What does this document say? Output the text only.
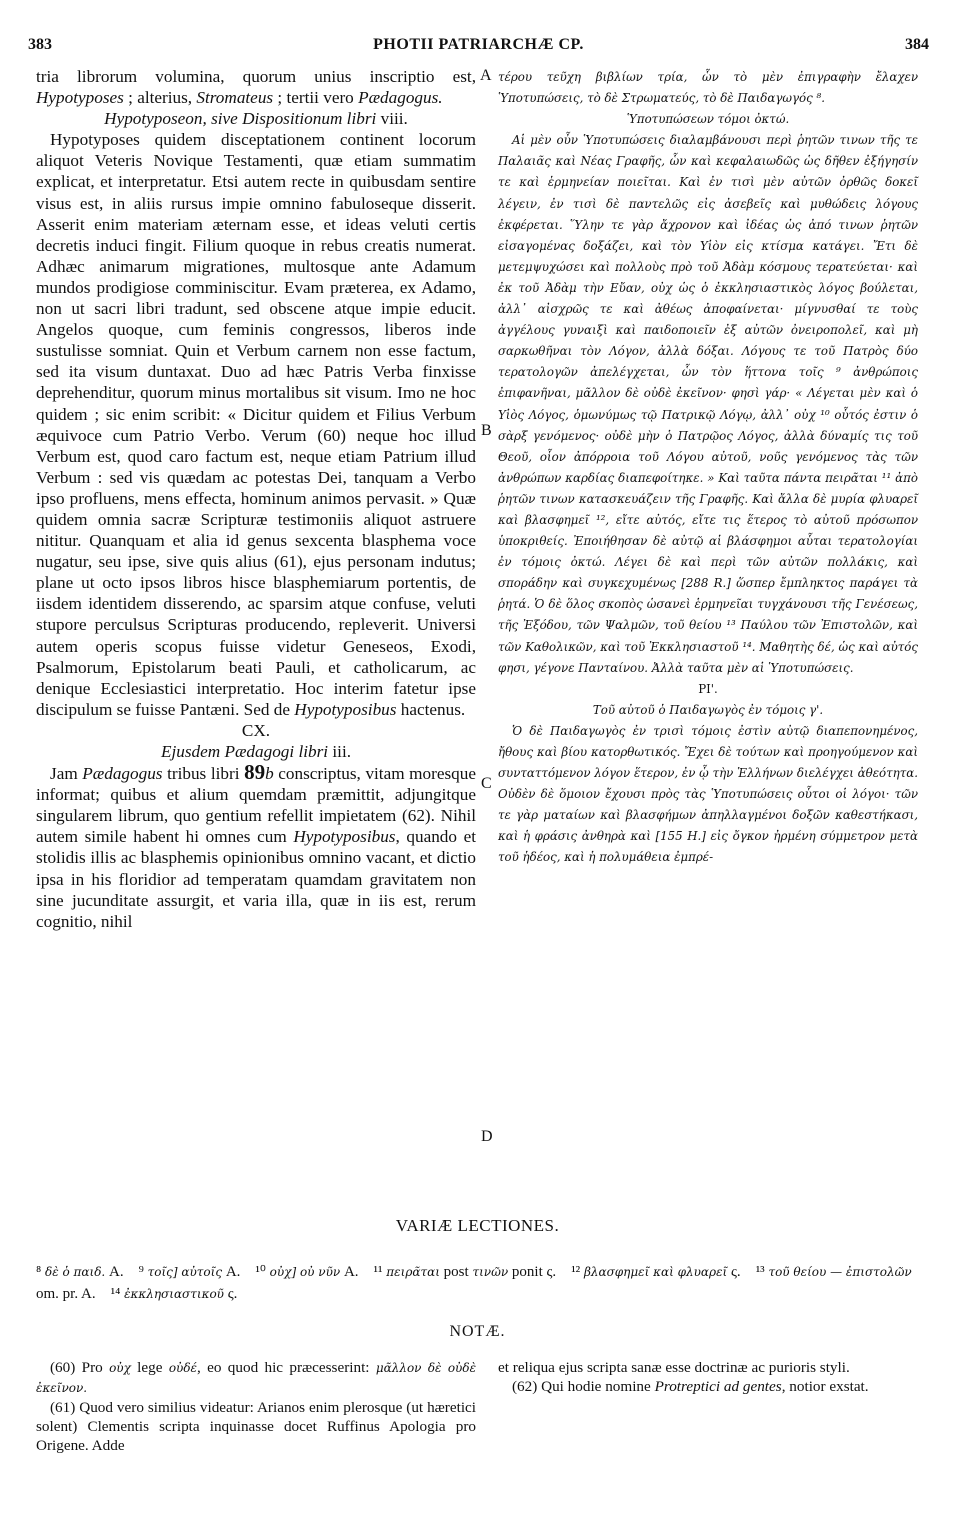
383	PHOTII PATRIARCHÆ CP.	384

tria librorum volumina, quorum unius inscriptio est, Hypotyposes ; alterius, Stromateus ; tertii vero Pædagogus.

Hypotyposeon, sive Dispositionum libri viii.

Hypotyposes quidem disceptationem continent locorum aliquot Veteris Novique Testamenti, quæ etiam summatim explicat, et interpretatur. Etsi autem recte in quibusdam sentire visus est, in aliis rursus impie omnino fabuloseque disserit. Asserit enim materiam æternam esse, et ideas veluti certis decretis induci fingit. Filium quoque in rebus creatis numerat. Adhæc animarum migrationes, multosque ante Adamum mundos prodigiose comminiscitur. Evam præterea, ex Adamo, non ut sacri libri tradunt, sed obscene atque impie educit. Angelos quoque, cum feminis congressos, liberos inde sustulisse somniat. Quin et Verbum carnem non esse factum, sed ita visum duntaxat. Duo ad hæc Patris Verba finxisse deprehenditur, quorum minus mortalibus sit visum. Imo ne hoc quidem ; sic enim scribit: « Dicitur quidem et Filius Verbum æquivoce cum Patrio Verbo. Verum (60) neque hoc illud Verbum est, quod caro factum est, neque etiam Patrium illud Verbum : sed vis quædam ac potestas Dei, tanquam a Verbo ipso profluens, mens effecta, hominum animos pervasit. » Quæ quidem omnia sacræ Scripturæ testimoniis aliquot astruere nititur. Quanquam et alia id genus sexcenta blasphema voce nugatur, seu ipse, sive quis alius (61), ejus personam indutus; plane ut octo ipsos libros hisce blasphemiarum portentis, de iisdem identidem disserendo, ac sparsim atque confuse, veluti stupore perculsus Scripturas producendo, repleverit. Universi autem operis scopus fuisse videtur Geneseos, Exodi, Psalmorum, Epistolarum beati Pauli, et catholicarum, ac denique Ecclesiastici interpretatio. Hoc interim fatetur ipse discipulum se fuisse Pantæni. Sed de Hypotyposibus hactenus.

CX.
Ejusdem Pædagogi libri iii.

Jam Pædagogus tribus libri 89b conscriptus, vitam moresque informat; quibus et alium quemdam præmittit, adjungitque singularem librum, quo gentium refellit impietatem (62). Nihil autem simile habent hi omnes cum Hypotyposibus, quando et stolidis illis ac blasphemis opinionibus omnino vacant, et dictio ipsa in his floridior ad temperatam quamdam gravitatem non sine jucunditate assurgit, et varia illa, quæ in iis est, rerum cognitio, nihil

A
B
C
D

τέρου τεῦχη βιβλίων τρία, ὧν τὸ μὲν ἐπιγραφὴν ἔλαχεν Ὑποτυπώσεις, τὸ δὲ Στρωματεύς, τὸ δὲ Παιδαγωγός ⁸.

Ὑποτυπώσεων τόμοι ὀκτώ.

Αἱ μὲν οὖν Ὑποτυπώσεις διαλαμβάνουσι περὶ ῥητῶν τινων τῆς τε Παλαιᾶς καὶ Νέας Γραφῆς, ὧν καὶ κεφαλαιωδῶς ὡς δῆθεν ἐξήγησίν τε καὶ ἑρμηνείαν ποιεῖται. Καὶ ἐν τισὶ μὲν αὐτῶν ὀρθῶς δοκεῖ λέγειν, ἐν τισὶ δὲ παντελῶς εἰς ἀσεβεῖς καὶ μυθώδεις λόγους ἐκφέρεται. Ὕλην τε γὰρ ἄχρονον καὶ ἰδέας ὡς ἀπό τινων ῥητῶν εἰσαγομένας δοξάζει, καὶ τὸν Υἱὸν εἰς κτίσμα κατάγει. Ἔτι δὲ μετεμψυχώσει καὶ πολλοὺς πρὸ τοῦ Ἀδὰμ κόσμους τερατεύεται· καὶ ἐκ τοῦ Ἀδὰμ τὴν Εὔαν, οὐχ ὡς ὁ ἐκκλησιαστικὸς λόγος βούλεται, ἀλλ᾽ αἰσχρῶς τε καὶ ἀθέως ἀποφαίνεται· μίγνυσθαί τε τοὺς ἀγγέλους γυναιξὶ καὶ παιδοποιεῖν ἐξ αὐτῶν ὀνειροπολεῖ, καὶ μὴ σαρκωθῆναι τὸν Λόγον, ἀλλὰ δόξαι. Λόγους τε τοῦ Πατρὸς δύο τερατολογῶν ἀπελέγχεται, ὧν τὸν ἥττονα τοῖς ⁹ ἀνθρώποις ἐπιφανῆναι, μᾶλλον δὲ οὐδὲ ἐκεῖνον· φησὶ γάρ· « Λέγεται μὲν καὶ ὁ Υἱὸς Λόγος, ὁμωνύμως τῷ Πατρικῷ Λόγῳ, ἀλλ᾽ οὐχ ¹⁰ οὗτός ἐστιν ὁ σὰρξ γενόμενος· οὐδὲ μὴν ὁ Πατρῷος Λόγος, ἀλλὰ δύναμίς τις τοῦ Θεοῦ, οἷον ἀπόρροια τοῦ Λόγου αὐτοῦ, νοῦς γενόμενος τὰς τῶν ἀνθρώπων καρδίας διαπεφοίτηκε. » Καὶ ταῦτα πάντα πειρᾶται ¹¹ ἀπὸ ῥητῶν τινων κατασκευάζειν τῆς Γραφῆς. Καὶ ἄλλα δὲ μυρία φλυαρεῖ καὶ βλασφημεῖ ¹², εἴτε αὐτός, εἴτε τις ἕτερος τὸ αὐτοῦ πρόσωπον ὑποκριθείς. Ἐποιήθησαν δὲ αὐτῷ αἱ βλάσφημοι αὗται τερατολογίαι ἐν τόμοις ὀκτώ. Λέγει δὲ καὶ περὶ τῶν αὐτῶν πολλάκις, καὶ σποράδην καὶ συγκεχυμένως [288 R.] ὥσπερ ἔμπληκτος παράγει τὰ ῥητά. Ὁ δὲ ὅλος σκοπὸς ὡσανεὶ ἑρμηνεῖαι τυγχάνουσι τῆς Γενέσεως, τῆς Ἐξόδου, τῶν Ψαλμῶν, τοῦ θείου ¹³ Παύλου τῶν Ἐπιστολῶν, καὶ τῶν Καθολικῶν, καὶ τοῦ Ἐκκλησιαστοῦ ¹⁴. Μαθητὴς δέ, ὡς καὶ αὐτός φησι, γέγονε Πανταίνου. Ἀλλὰ ταῦτα μὲν αἱ Ὑποτυπώσεις.

ΡΙ'.
Τοῦ αὐτοῦ ὁ Παιδαγωγὸς ἐν τόμοις γ'.

Ὁ δὲ Παιδαγωγὸς ἐν τρισὶ τόμοις ἐστὶν αὐτῷ διαπεπονημένος, ἤθους καὶ βίου κατορθωτικός. Ἔχει δὲ τούτων καὶ προηγούμενον καὶ συνταττόμενον λόγον ἕτερον, ἐν ᾧ τὴν Ἑλλήνων διελέγχει ἀθεότητα. Οὐδὲν δὲ ὅμοιον ἔχουσι πρὸς τὰς Ὑποτυπώσεις οὗτοι οἱ λόγοι· τῶν τε γὰρ ματαίων καὶ βλασφήμων ἀπηλλαγμένοι δοξῶν καθεστήκασι, καὶ ἡ φράσις ἀνθηρὰ καὶ [155 H.] εἰς ὄγκον ἠρμένη σύμμετρον μετὰ τοῦ ἡδέος, καὶ ἡ πολυμάθεια ἐμπρέ-

VARIÆ LECTIONES.
⁸ δὲ ὁ παιδ. A. ⁹ τοῖς] αὐτοῖς A. ¹⁰ οὐχ] οὐ νῦν A. ¹¹ πειρᾶται post τινῶν ponit ς. ¹² βλασφημεῖ καὶ φλυαρεῖ ς. ¹³ τοῦ θείου — ἐπιστολῶν om. pr. A. ¹⁴ ἐκκλησιαστικοῦ ς.
NOTÆ.

(60) Pro οὐχ lege οὐδέ, eo quod hic præcesserint: μᾶλλον δὲ οὐδὲ ἐκεῖνον.

(61) Quod vero similius videatur: Arianos enim plerosque (ut hæretici solent) Clementis scripta inquinasse docet Ruffinus Apologia pro Origene. Adde

et reliqua ejus scripta sanæ esse doctrinæ ac purioris styli.

(62) Qui hodie nomine Protreptici ad gentes, notior exstat.
